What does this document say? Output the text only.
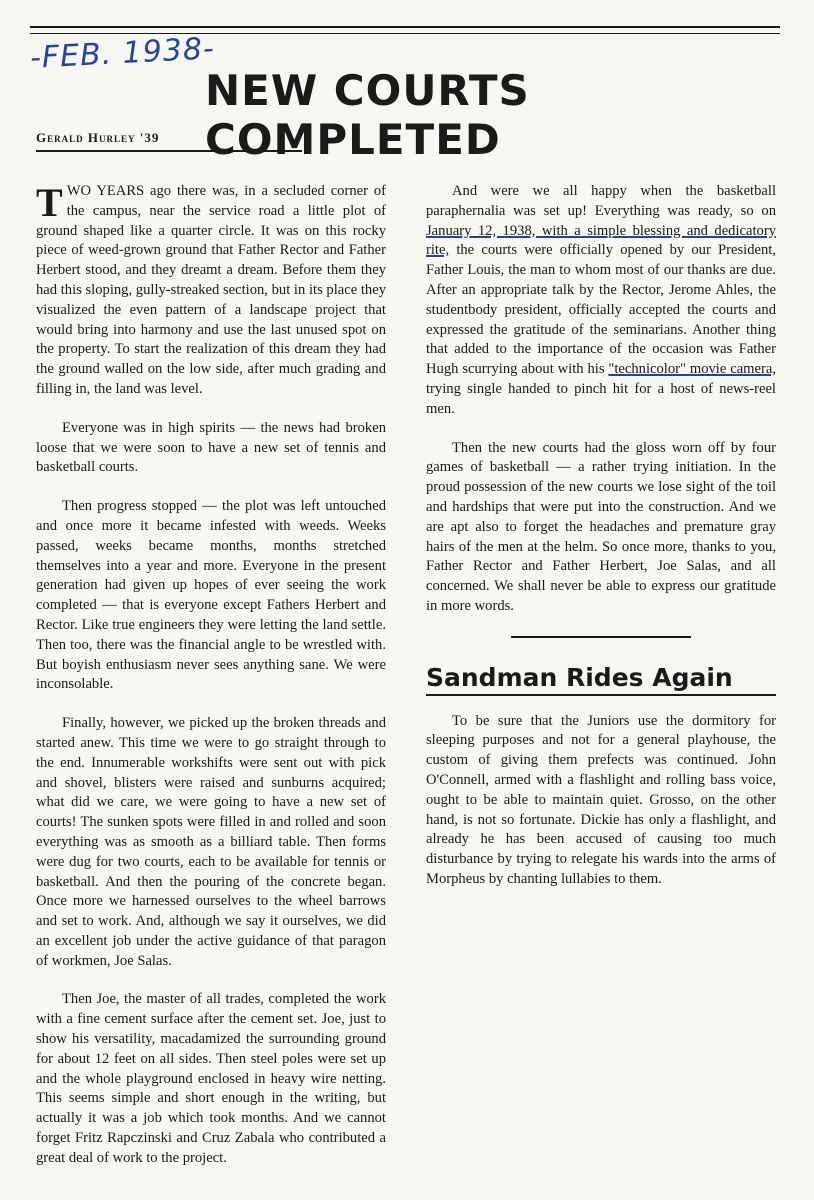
-FEB. 1938-
NEW COURTS COMPLETED
Gerald Hurley '39

TWO YEARS ago there was, in a secluded corner of the campus, near the service road a little plot of ground shaped like a quarter circle. It was on this rocky piece of weed-grown ground that Father Rector and Father Herbert stood, and they dreamt a dream. Before them they had this sloping, gully-streaked section, but in its place they visualized the even pattern of a landscape project that would bring into harmony and use the last unused spot on the property. To start the realization of this dream they had the ground walled on the low side, after much grading and filling in, the land was level.

Everyone was in high spirits — the news had broken loose that we were soon to have a new set of tennis and basketball courts.

Then progress stopped — the plot was left untouched and once more it became infested with weeds. Weeks passed, weeks became months, months stretched themselves into a year and more. Everyone in the present generation had given up hopes of ever seeing the work completed — that is everyone except Fathers Herbert and Rector. Like true engineers they were letting the land settle. Then too, there was the financial angle to be wrestled with. But boyish enthusiasm never sees anything sane. We were inconsolable.

Finally, however, we picked up the broken threads and started anew. This time we were to go straight through to the end. Innumerable workshifts were sent out with pick and shovel, blisters were raised and sunburns acquired; what did we care, we were going to have a new set of courts! The sunken spots were filled in and rolled and soon everything was as smooth as a billiard table. Then forms were dug for two courts, each to be available for tennis or basketball. And then the pouring of the concrete began. Once more we harnessed ourselves to the wheel barrows and set to work. And, although we say it ourselves, we did an excellent job under the active guidance of that paragon of workmen, Joe Salas.

Then Joe, the master of all trades, completed the work with a fine cement surface after the cement set. Joe, just to show his versatility, macadamized the surrounding ground for about 12 feet on all sides. Then steel poles were set up and the whole playground enclosed in heavy wire netting. This seems simple and short enough in the writing, but actually it was a job which took months. And we cannot forget Fritz Rapczinski and Cruz Zabala who contributed a great deal of work to the project.

And were we all happy when the basketball paraphernalia was set up! Everything was ready, so on January 12, 1938, with a simple blessing and dedicatory rite, the courts were officially opened by our President, Father Louis, the man to whom most of our thanks are due. After an appropriate talk by the Rector, Jerome Ahles, the studentbody president, officially accepted the courts and expressed the gratitude of the seminarians. Another thing that added to the importance of the occasion was Father Hugh scurrying about with his "technicolor" movie camera, trying single handed to pinch hit for a host of news-reel men.

Then the new courts had the gloss worn off by four games of basketball — a rather trying initiation. In the proud possession of the new courts we lose sight of the toil and hardships that were put into the construction. And we are apt also to forget the headaches and premature gray hairs of the men at the helm. So once more, thanks to you, Father Rector and Father Herbert, Joe Salas, and all concerned. We shall never be able to express our gratitude in more words.

Sandman Rides Again

To be sure that the Juniors use the dormitory for sleeping purposes and not for a general playhouse, the custom of giving them prefects was continued. John O'Connell, armed with a flashlight and rolling bass voice, ought to be able to maintain quiet. Grosso, on the other hand, is not so fortunate. Dickie has only a flashlight, and already he has been accused of causing too much disturbance by trying to relegate his wards into the arms of Morpheus by chanting lullabies to them.
